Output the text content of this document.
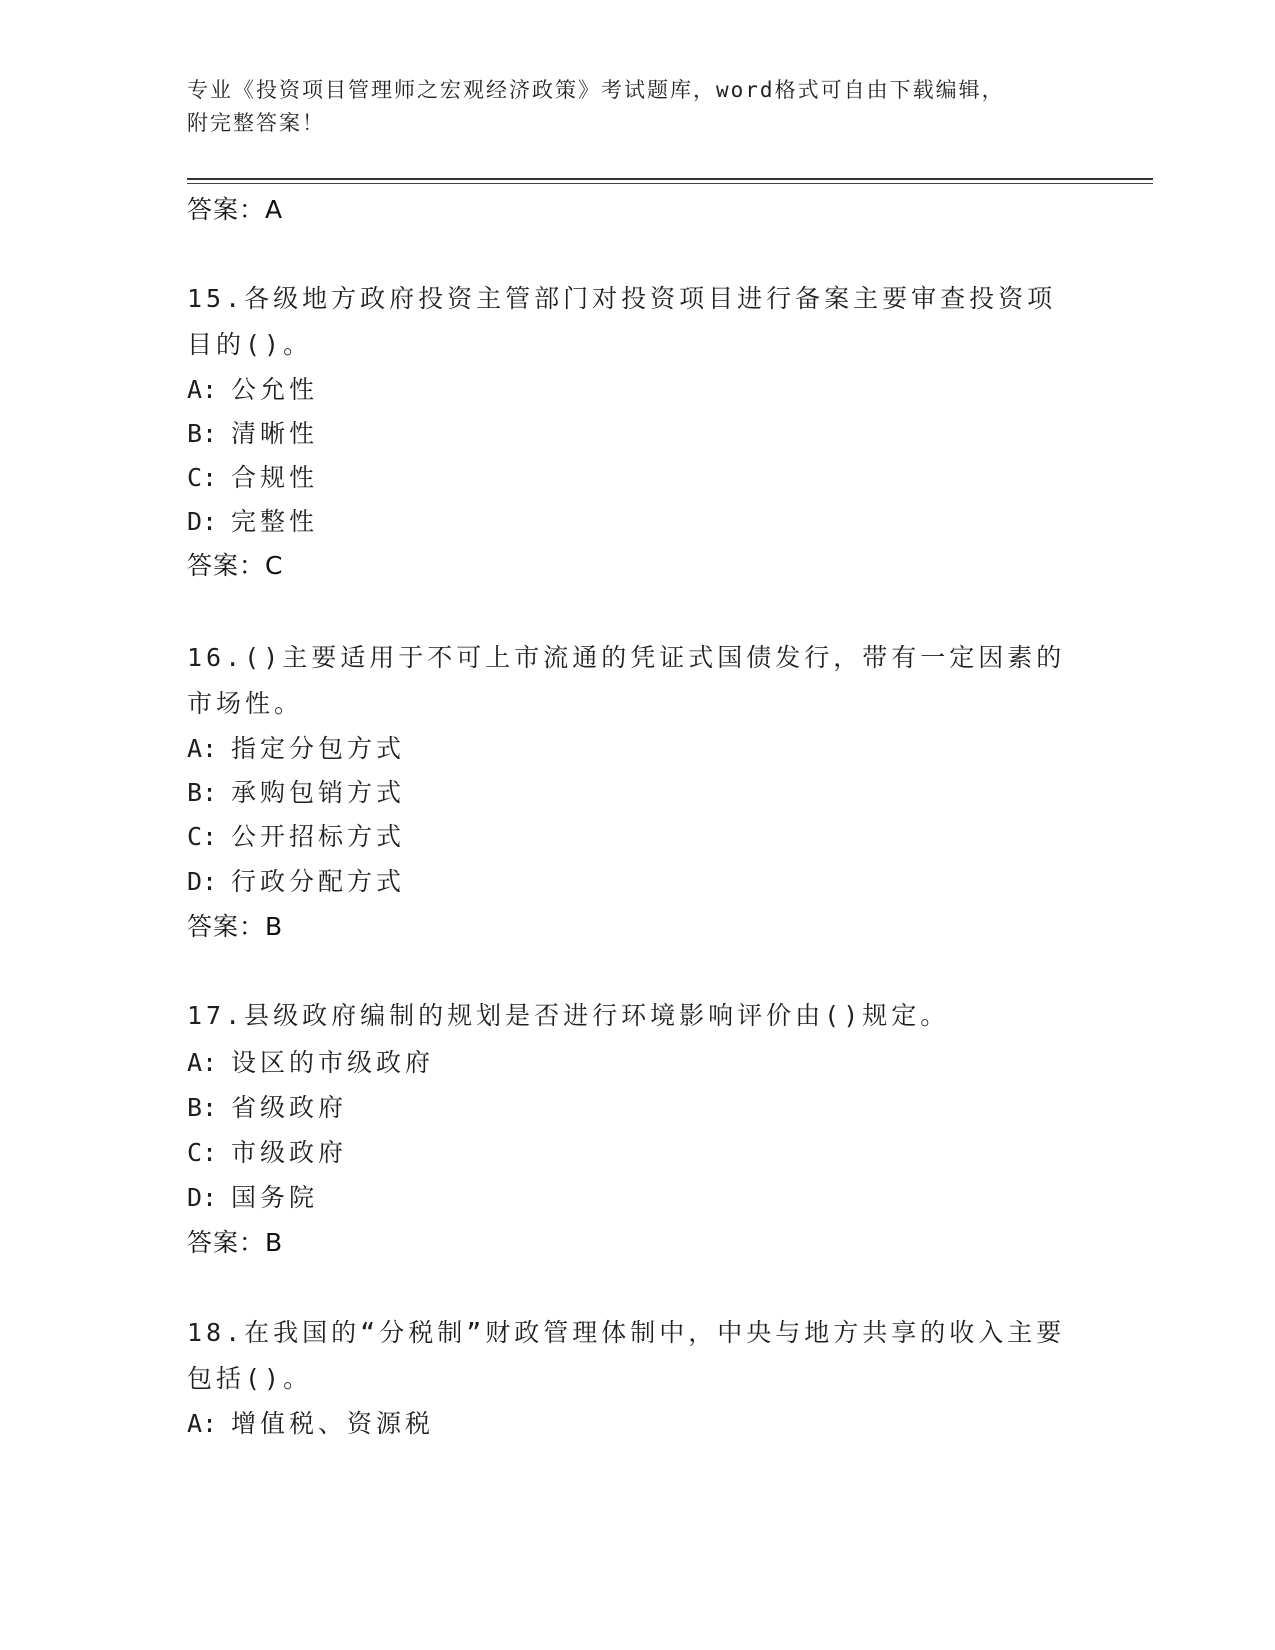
专业《投资项目管理师之宏观经济政策》考试题库，word格式可自由下载编辑，
附完整答案！
答案：A
15.各级地方政府投资主管部门对投资项目进行备案主要审查投资项目的()。
A: 公允性
B: 清晰性
C: 合规性
D: 完整性
答案：C
16.()主要适用于不可上市流通的凭证式国债发行，带有一定因素的市场性。
A: 指定分包方式
B: 承购包销方式
C: 公开招标方式
D: 行政分配方式
答案：B
17.县级政府编制的规划是否进行环境影响评价由()规定。
A: 设区的市级政府
B: 省级政府
C: 市级政府
D: 国务院
答案：B
18.在我国的“分税制”财政管理体制中，中央与地方共享的收入主要包括()。
A: 增值税、资源税
